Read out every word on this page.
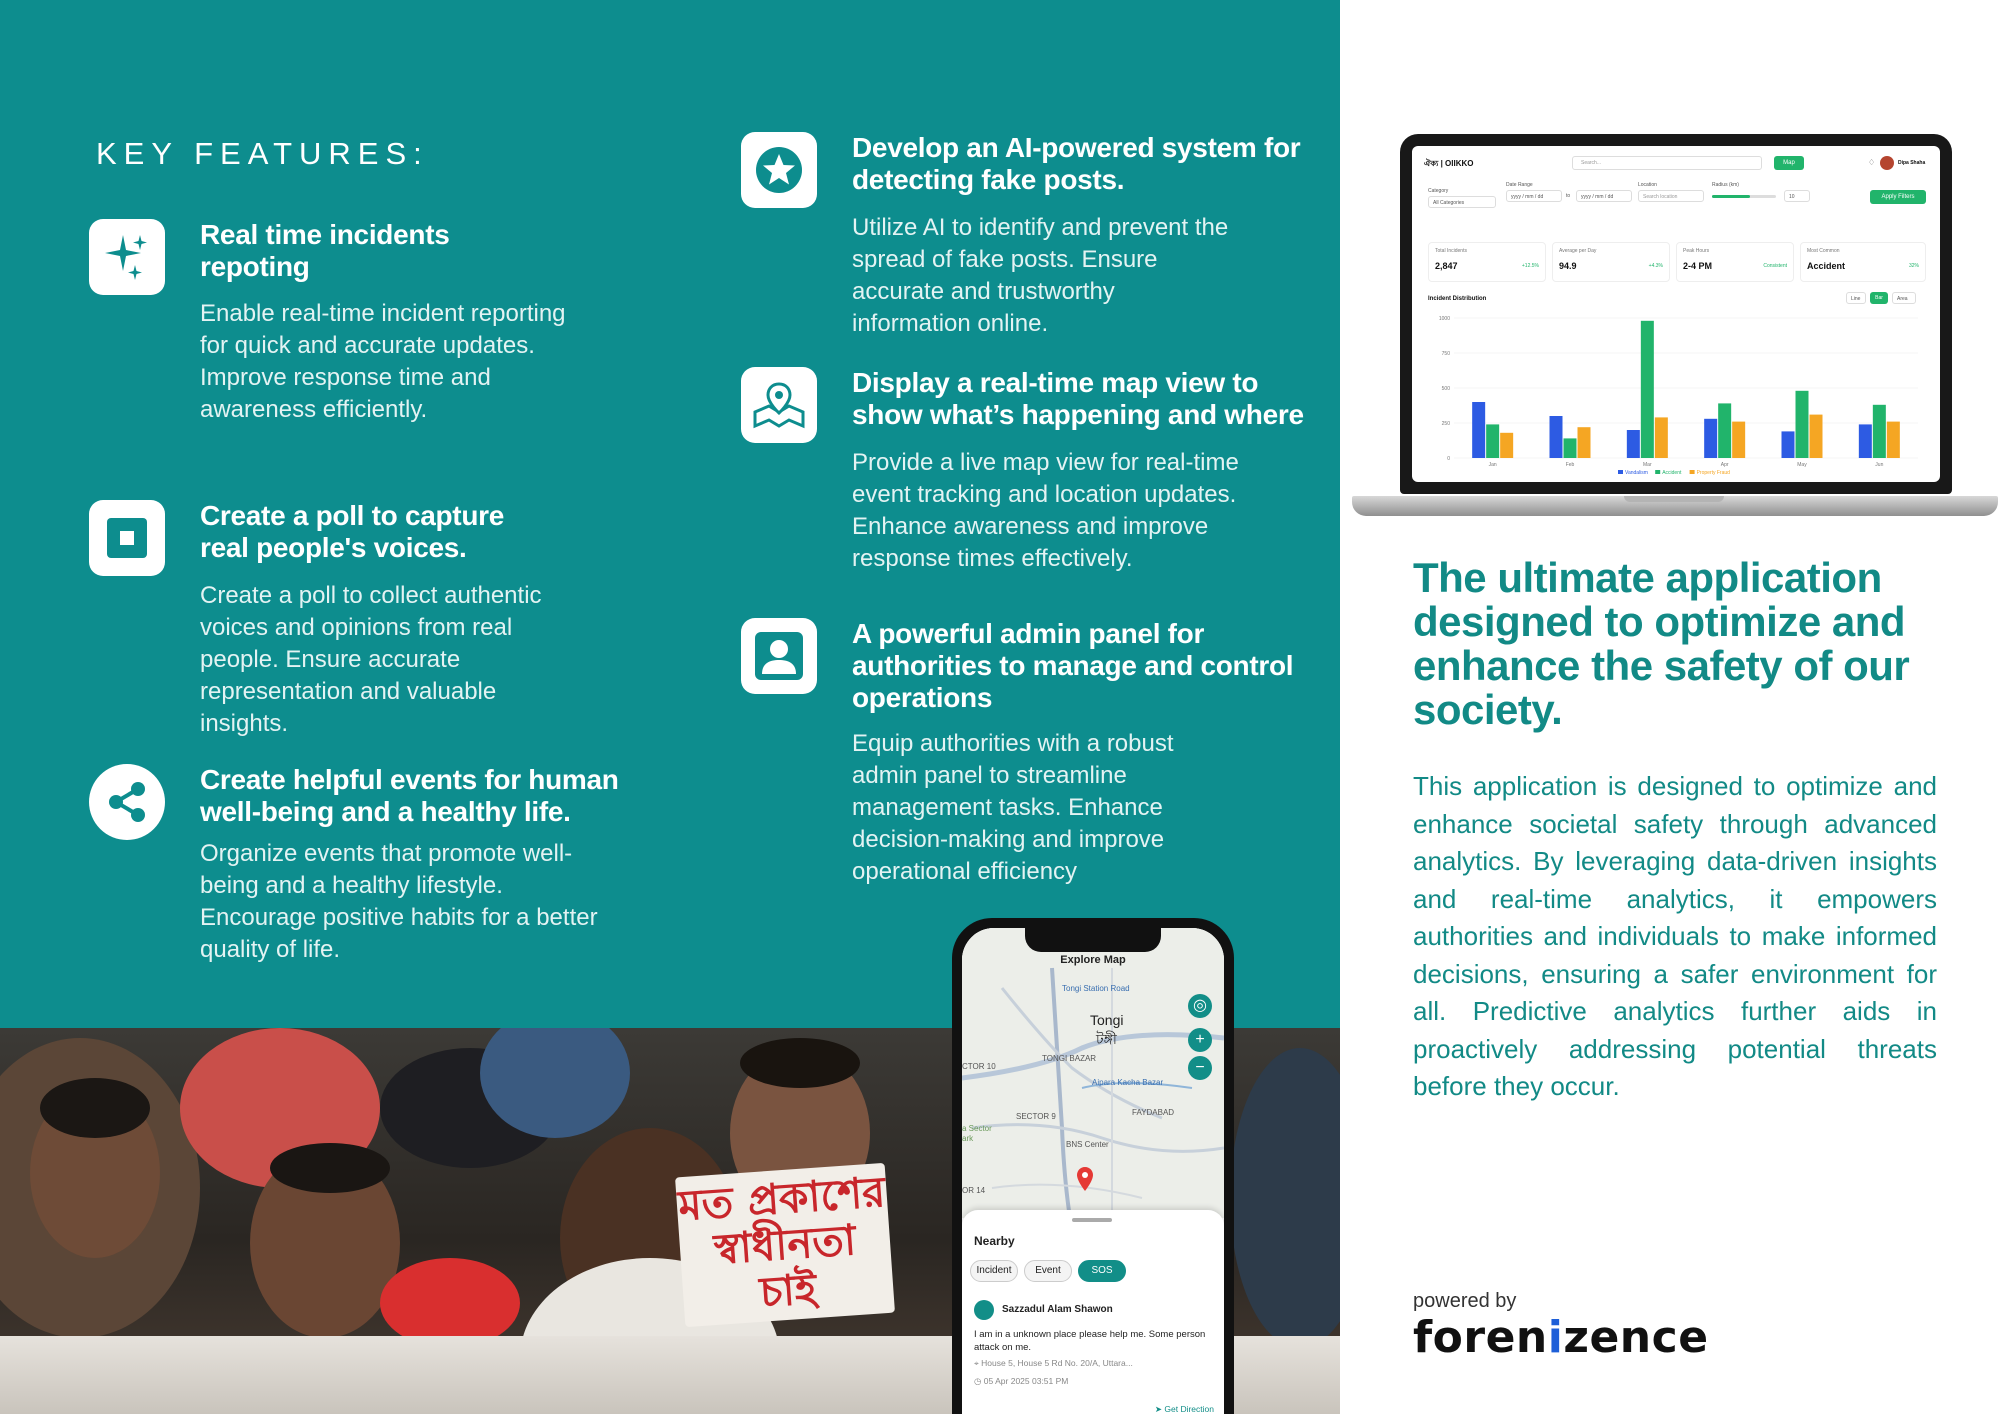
KEY FEATURES:
Real time incidents repoting
Enable real-time incident reporting for quick and accurate updates. Improve response time and awareness efficiently.
Create a poll to capture real people's voices.
Create a poll to collect authentic voices and opinions from real people. Ensure accurate representation and valuable insights.
Create helpful events for human well-being and a healthy life.
Organize events that promote well-being and a healthy lifestyle. Encourage positive habits for a better quality of life.
Develop an AI-powered system for detecting fake posts.
Utilize AI to identify and prevent the spread of fake posts. Ensure accurate and trustworthy information online.
Display a real-time map view to show what’s happening and where
Provide a live map view for real-time event tracking and location updates. Enhance awareness and improve response times effectively.
A powerful admin panel for authorities to manage and control operations
Equip authorities with a robust admin panel to streamline management tasks. Enhance decision-making and improve operational efficiency
মত প্রকাশের স্বাধীনতা চাই
Explore Map
Tongi Station Road
Tongi
টঙ্গী
TONGI BAZAR
CTOR 10
Aipara Kacha Bazar
SECTOR 9	FAYDABAD
a Sector
ark
BNS Center
OR 14
◎
+
−
Nearby
Incident	Event	SOS
Sazzadul Alam Shawon
I am in a unknown place please help me. Some person attack on me.
⌖ House 5, House 5 Rd No. 20/A, Uttara...
◷ 05 Apr 2025 03:51 PM
➤ Get Direction
ঐক্য | OIIKKO	Search...	Map	♢	Dipa Shaha
Category
All Categories
Date Range
yyyy / mm / dd	to yyyy / mm / dd
Location
Search location
Radius (km)
10	Apply Filters
Total Incidents
2,847	+12.5%
Average per Day
94.9	+4.3%
Peak Hours
2-4 PM	Consistent
Most Common
Accident	32%
Incident Distribution	Line	Bar	Area
0
250
500
750
1000
Jan	Feb	Mar	Apr	May	Jun
Vandalism	Accident	Property Fraud
The ultimate application designed to optimize and enhance the safety of our society.
This application is designed to optimize and enhance societal safety through advanced analytics. By leveraging data-driven insights and real-time analytics, it empowers authorities and individuals to make informed decisions, ensuring a safer environment for all. Predictive analytics further aids in proactively addressing potential threats before they occur.
powered by
forenizence
